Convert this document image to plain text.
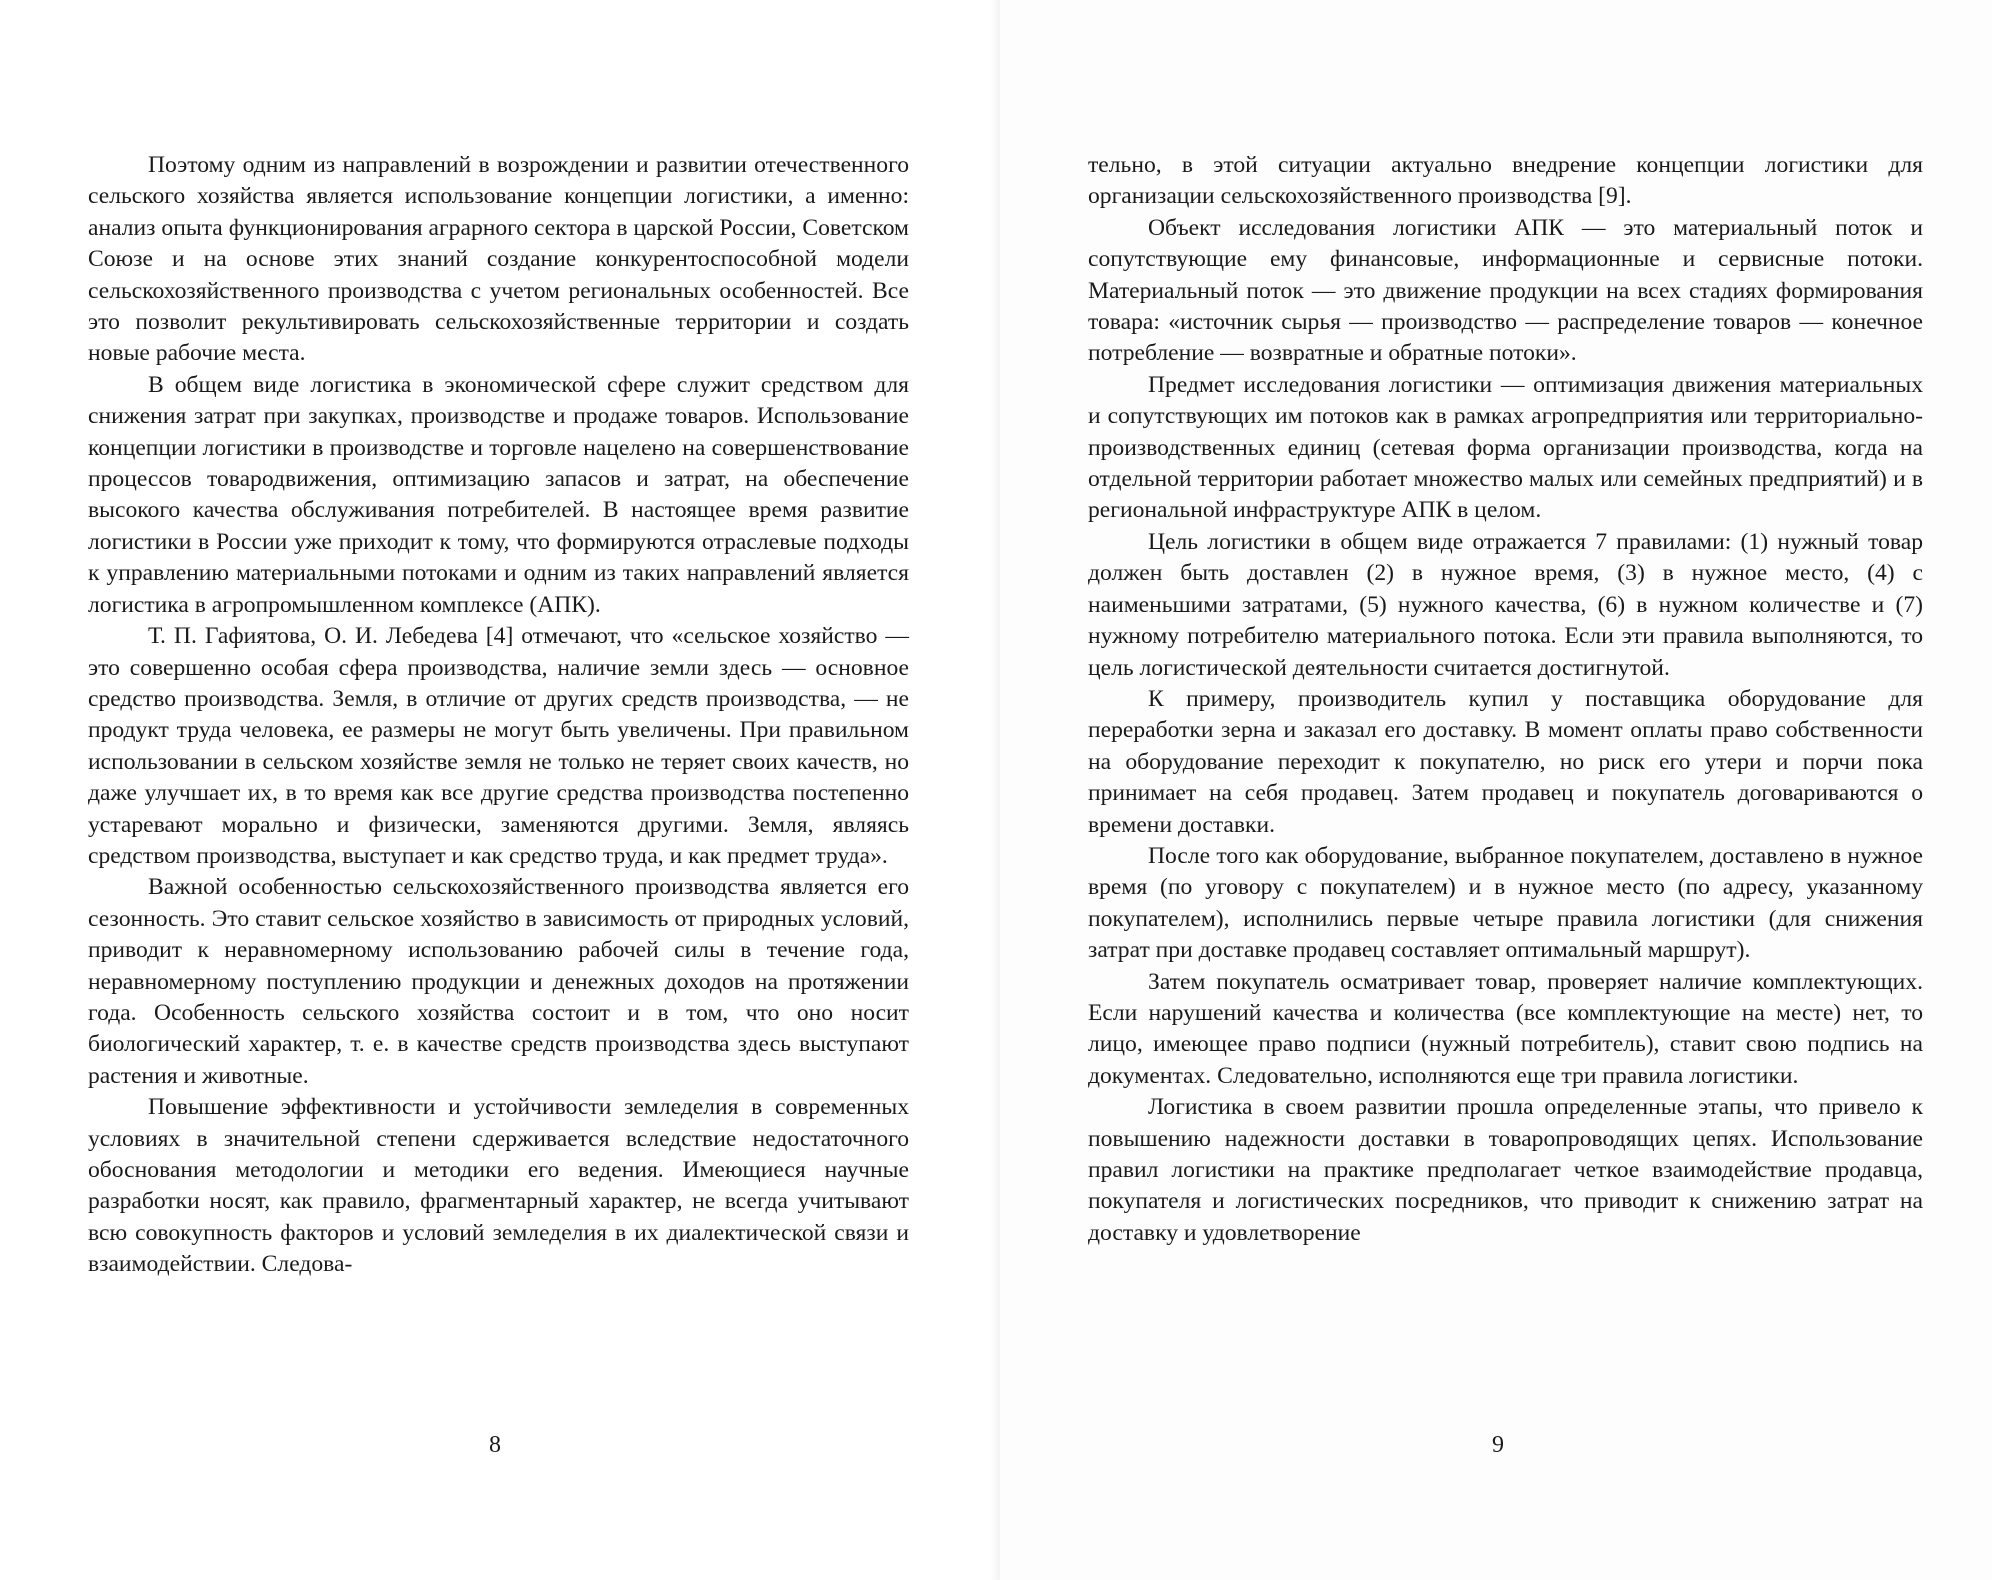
Поэтому одним из направлений в возрождении и развитии отечественного сельского хозяйства является использование концепции логистики, а именно: анализ опыта функционирования аграрного сектора в царской России, Советском Союзе и на основе этих знаний создание конкурентоспособной модели сельскохозяйственного производства с учетом региональных особенностей. Все это позволит рекультивировать сельскохозяйственные территории и создать новые рабочие места.

В общем виде логистика в экономической сфере служит средством для снижения затрат при закупках, производстве и продаже товаров. Использование концепции логистики в производстве и торговле нацелено на совершенствование процессов товародвижения, оптимизацию запасов и затрат, на обеспечение высокого качества обслуживания потребителей. В настоящее время развитие логистики в России уже приходит к тому, что формируются отраслевые подходы к управлению материальными потоками и одним из таких направлений является логистика в агропромышленном комплексе (АПК).

Т. П. Гафиятова, О. И. Лебедева [4] отмечают, что «сельское хозяйство — это совершенно особая сфера производства, наличие земли здесь — основное средство производства. Земля, в отличие от других средств производства, — не продукт труда человека, ее размеры не могут быть увеличены. При правильном использовании в сельском хозяйстве земля не только не теряет своих качеств, но даже улучшает их, в то время как все другие средства производства постепенно устаревают морально и физически, заменяются другими. Земля, являясь средством производства, выступает и как средство труда, и как предмет труда».

Важной особенностью сельскохозяйственного производства является его сезонность. Это ставит сельское хозяйство в зависимость от природных условий, приводит к неравномерному использованию рабочей силы в течение года, неравномерному поступлению продукции и денежных доходов на протяжении года. Особенность сельского хозяйства состоит и в том, что оно носит биологический характер, т. е. в качестве средств производства здесь выступают растения и животные.

Повышение эффективности и устойчивости земледелия в современных условиях в значительной степени сдерживается вследствие недостаточного обоснования методологии и методики его ведения. Имеющиеся научные разработки носят, как правило, фрагментарный характер, не всегда учитывают всю совокупность факторов и условий земледелия в их диалектической связи и взаимодействии. Следова-

8

тельно, в этой ситуации актуально внедрение концепции логистики для организации сельскохозяйственного производства [9].

Объект исследования логистики АПК — это материальный поток и сопутствующие ему финансовые, информационные и сервисные потоки. Материальный поток — это движение продукции на всех стадиях формирования товара: «источник сырья — производство — распределение товаров — конечное потребление — возвратные и обратные потоки».

Предмет исследования логистики — оптимизация движения материальных и сопутствующих им потоков как в рамках агропредприятия или территориально-производственных единиц (сетевая форма организации производства, когда на отдельной территории работает множество малых или семейных предприятий) и в региональной инфраструктуре АПК в целом.

Цель логистики в общем виде отражается 7 правилами: (1) нужный товар должен быть доставлен (2) в нужное время, (3) в нужное место, (4) с наименьшими затратами, (5) нужного качества, (6) в нужном количестве и (7) нужному потребителю материального потока. Если эти правила выполняются, то цель логистической деятельности считается достигнутой.

К примеру, производитель купил у поставщика оборудование для переработки зерна и заказал его доставку. В момент оплаты право собственности на оборудование переходит к покупателю, но риск его утери и порчи пока принимает на себя продавец. Затем продавец и покупатель договариваются о времени доставки.

После того как оборудование, выбранное покупателем, доставлено в нужное время (по уговору с покупателем) и в нужное место (по адресу, указанному покупателем), исполнились первые четыре правила логистики (для снижения затрат при доставке продавец составляет оптимальный маршрут).

Затем покупатель осматривает товар, проверяет наличие комплектующих. Если нарушений качества и количества (все комплектующие на месте) нет, то лицо, имеющее право подписи (нужный потребитель), ставит свою подпись на документах. Следовательно, исполняются еще три правила логистики.

Логистика в своем развитии прошла определенные этапы, что привело к повышению надежности доставки в товаропроводящих цепях. Использование правил логистики на практике предполагает четкое взаимодействие продавца, покупателя и логистических посредников, что приводит к снижению затрат на доставку и удовлетворение

9
